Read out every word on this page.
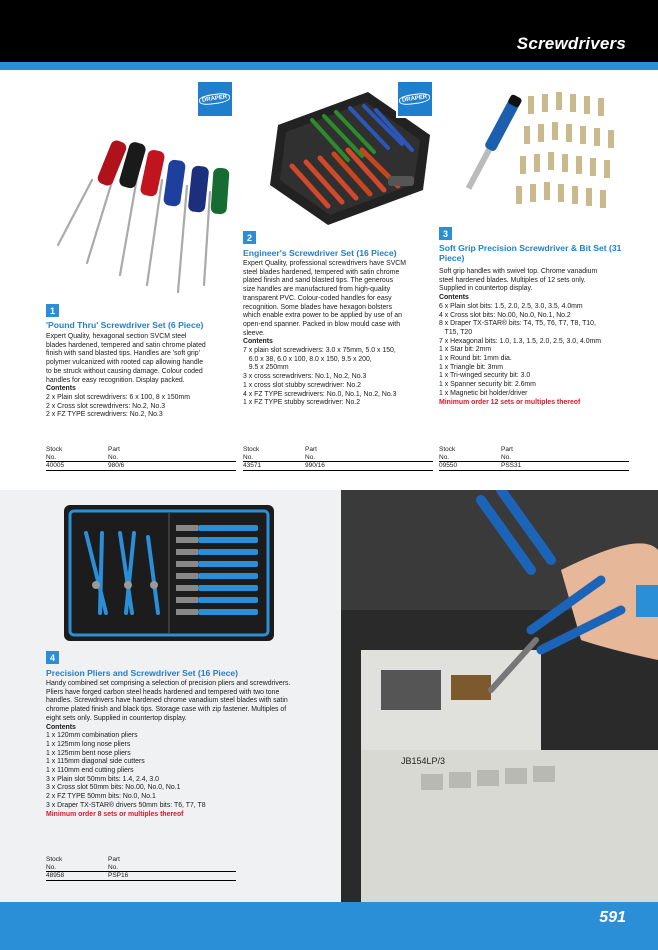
Screwdrivers
DRAPER
1
'Pound Thru' Screwdriver Set (6 Piece)
Expert Quality, hexagonal section SVCM steel
blades hardened, tempered and satin chrome plated
finish with sand blasted tips. Handles are 'soft grip'
polymer vulcanized with rooted cap allowing handle
to be struck without causing damage. Colour coded
handles for easy recognition. Display packed.
Contents
2 x Plain slot screwdrivers: 6 x 100, 8 x 150mm
2 x Cross slot screwdrivers: No.2, No.3
2 x FZ TYPE screwdrivers: No.2, No.3
Stock
No.
Part
No.
40005	980/6
DRAPER
2
Engineer's Screwdriver Set (16 Piece)
Expert Quality, professional screwdrivers have SVCM
steel blades hardened, tempered with satin chrome
plated finish and sand blasted tips. The generous
size handles are manufactured from high-quality
transparent PVC. Colour-coded handles for easy
recognition. Some blades have hexagon bolsters
which enable extra power to be applied by use of an
open-end spanner. Packed in blow mould case with
sleeve.
Contents
7 x plain slot screwdrivers: 3.0 x 75mm, 5.0 x 150,
6.0 x 38, 6.0 x 100, 8.0 x 150, 9.5 x 200,
9.5 x 250mm
3 x cross screwdrivers: No.1, No.2, No.3
1 x cross slot stubby screwdriver: No.2
4 x FZ TYPE screwdrivers: No.0, No.1, No.2, No.3
1 x FZ TYPE stubby screwdriver: No.2
Stock
No.
Part
No.
43571	990/16
3
Soft Grip Precision Screwdriver & Bit Set (31 Piece)
Soft grip handles with swivel top. Chrome vanadium
steel hardened blades. Multiples of 12 sets only.
Supplied in countertop display.
Contents
6 x Plain slot bits: 1.5, 2.0, 2.5, 3.0, 3.5, 4.0mm
4 x Cross slot bits: No.00, No.0, No.1, No.2
8 x Draper TX-STAR® bits: T4, T5, T6, T7, T8, T10,
T15, T20
7 x Hexagonal bits: 1.0, 1.3, 1.5, 2.0, 2.5, 3.0, 4.0mm
1 x Star bit: 2mm
1 x Round bit: 1mm dia.
1 x Triangle bit: 3mm
1 x Tri-winged security bit: 3.0
1 x Spanner security bit: 2.6mm
1 x Magnetic bit holder/driver
Minimum order 12 sets or multiples thereof
Stock
No.
Part
No.
09550	PSS31
JB154LP/3
4
Precision Pliers and Screwdriver Set (16 Piece)
Handy combined set comprising a selection of precision pliers and screwdrivers.
Pliers have forged carbon steel heads hardened and tempered with two tone
handles. Screwdrivers have hardened chrome vanadium steel blades with satin
chrome plated finish and black tips. Storage case with zip fastener. Multiples of
eight sets only. Supplied in countertop display.
Contents
1 x 120mm combination pliers
1 x 125mm long nose pliers
1 x 125mm bent nose pliers
1 x 115mm diagonal side cutters
1 x 110mm end cutting pliers
3 x Plain slot 50mm bits: 1.4, 2.4, 3.0
3 x Cross slot 50mm bits: No.00, No.0, No.1
2 x FZ TYPE 50mm bits: No.0, No.1
3 x Draper TX-STAR® drivers 50mm bits: T6, T7, T8
Minimum order 8 sets or multiples thereof
Stock
No.
Part
No.
48958	PSP16
591
